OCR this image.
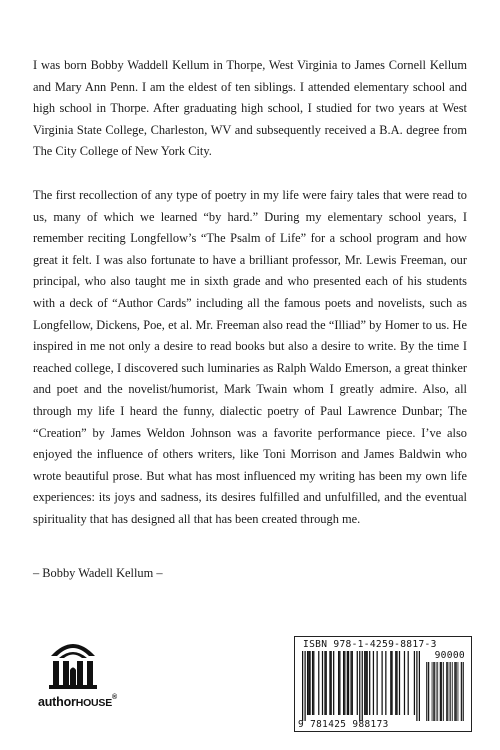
I was born Bobby Waddell Kellum in Thorpe, West Virginia to James Cornell Kellum and Mary Ann Penn. I am the eldest of ten siblings. I attended elementary school and high school in Thorpe. After graduating high school, I studied for two years at West Virginia State College, Charleston, WV and subsequently received a B.A. degree from The City College of New York City.

The first recollection of any type of poetry in my life were fairy tales that were read to us, many of which we learned “by hard.” During my elementary school years, I remember reciting Longfellow’s “The Psalm of Life” for a school program and how great it felt. I was also fortunate to have a brilliant professor, Mr. Lewis Freeman, our principal, who also taught me in sixth grade and who presented each of his students with a deck of “Author Cards” including all the famous poets and novelists, such as Longfellow, Dickens, Poe, et al. Mr. Freeman also read the “Illiad” by Homer to us. He inspired in me not only a desire to read books but also a desire to write. By the time I reached college, I discovered such luminaries as Ralph Waldo Emerson, a great thinker and poet and the novelist/humorist, Mark Twain whom I greatly admire. Also, all through my life I heard the funny, dialectic poetry of Paul Lawrence Dunbar; The “Creation” by James Weldon Johnson was a favorite performance piece. I’ve also enjoyed the influence of others writers, like Toni Morrison and James Baldwin who wrote beautiful prose. But what has most influenced my writing has been my own life experiences: its joys and sadness, its desires fulfilled and unfulfilled, and the eventual spirituality that has designed all that has been created through me.

– Bobby Wadell Kellum –
authorHOUSE®
ISBN 978-1-4259-8817-3
90000
9 781425 988173
